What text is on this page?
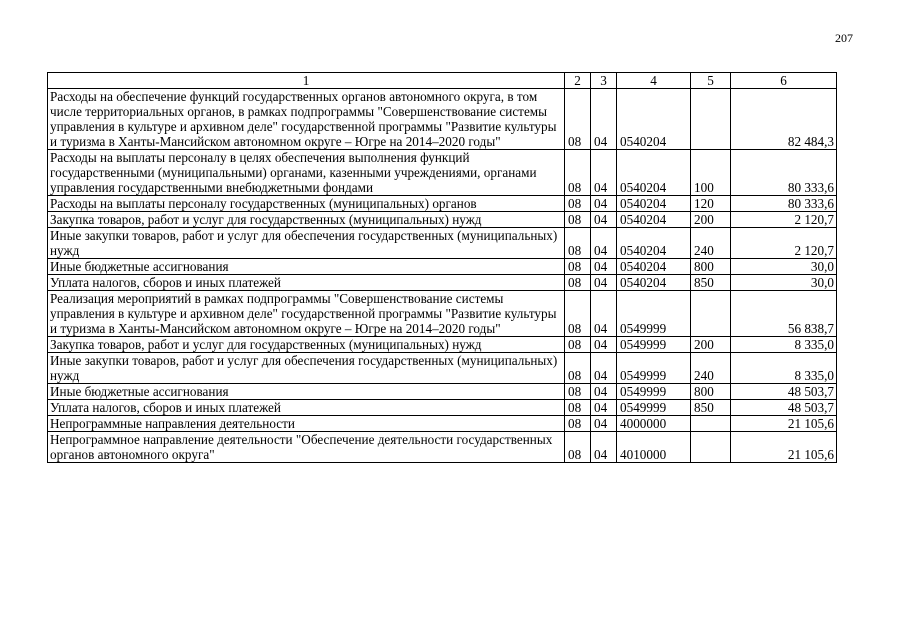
207
1	2	3	4	5	6
Расходы на обеспечение функций государственных органов автономного округа, в том числе территориальных органов, в рамках подпрограммы "Совершенствование системы управления в культуре и архивном деле" государственной программы "Развитие культуры и туризма в Ханты-Мансийском автономном округе – Югре на 2014–2020 годы"	08	04	0540204		82 484,3
Расходы на выплаты персоналу в целях обеспечения выполнения функций государственными (муниципальными) органами, казенными учреждениями, органами управления государственными внебюджетными фондами	08	04	0540204	100	80 333,6
Расходы на выплаты персоналу государственных (муниципальных) органов	08	04	0540204	120	80 333,6
Закупка товаров, работ и услуг для государственных (муниципальных) нужд	08	04	0540204	200	2 120,7
Иные закупки товаров, работ и услуг для обеспечения государственных (муниципальных) нужд	08	04	0540204	240	2 120,7
Иные бюджетные ассигнования	08	04	0540204	800	30,0
Уплата налогов, сборов и иных платежей	08	04	0540204	850	30,0
Реализация мероприятий в рамках подпрограммы "Совершенствование системы управления в культуре и архивном деле" государственной программы "Развитие культуры и туризма в Ханты-Мансийском автономном округе – Югре на 2014–2020 годы"	08	04	0549999		56 838,7
Закупка товаров, работ и услуг для государственных (муниципальных) нужд	08	04	0549999	200	8 335,0
Иные закупки товаров, работ и услуг для обеспечения государственных (муниципальных) нужд	08	04	0549999	240	8 335,0
Иные бюджетные ассигнования	08	04	0549999	800	48 503,7
Уплата налогов, сборов и иных платежей	08	04	0549999	850	48 503,7
Непрограммные направления деятельности	08	04	4000000		21 105,6
Непрограммное направление деятельности "Обеспечение деятельности государственных органов автономного округа"	08	04	4010000		21 105,6
